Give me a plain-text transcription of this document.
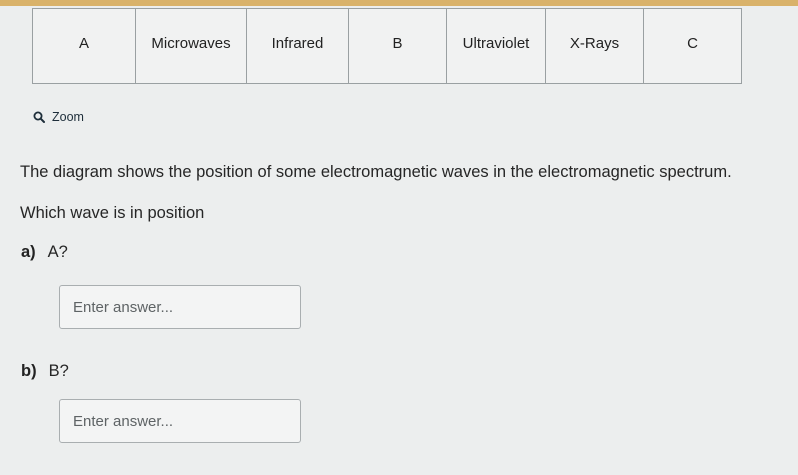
A	Microwaves	Infrared	B	Ultraviolet	X-Rays	C
Zoom

The diagram shows the position of some electromagnetic waves in the electromagnetic spectrum.

Which wave is in position

a) A?
Enter answer...
b) B?
Enter answer...
